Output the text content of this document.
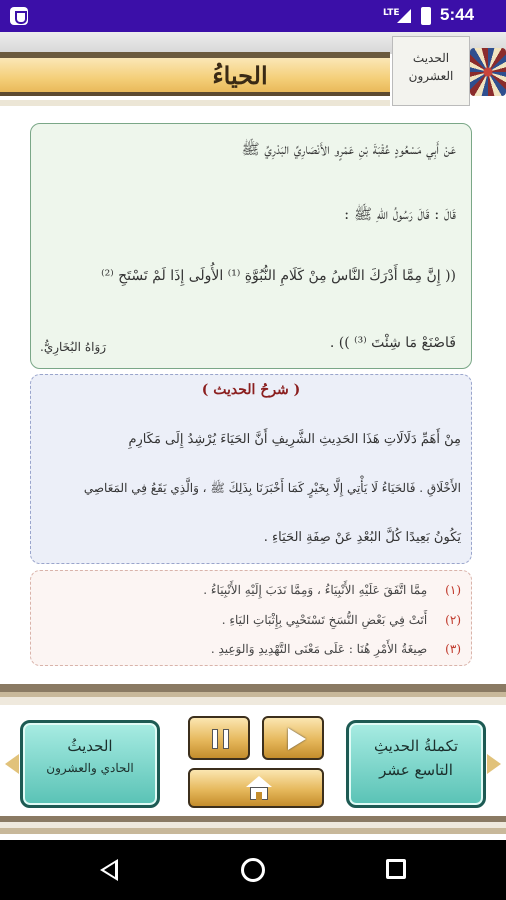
LTE 5:44
الحياءُ
الحديث
العشرون
عَنْ أَبِي مَسْعُودٍ عُقْبَةَ بْنِ عَمْرٍو الأَنْصَارِيِّ البَدْرِيِّ ﷺ
قَالَ : قَالَ رَسُولُ اللهِ ﷺ :
(( إِنَّ مِمَّا أَدْرَكَ النَّاسُ مِنْ كَلَامِ النُّبُوَّةِ ⁽¹⁾ الأُولَى إِذَا لَمْ تَسْتَحِ ⁽²⁾
فَاصْنَعْ مَا شِئْتَ ⁽³⁾ )) .
رَوَاهُ البُخَارِيُّ.
( شرحُ الحديث )
مِنْ أَهَمِّ دَلَالَاتِ هَذَا الحَدِيثِ الشَّرِيفِ أَنَّ الحَيَاءَ يُرْشِدُ إِلَى مَكَارِمِ
الأَخْلَاقِ . فَالحَيَاءُ لَا يَأْتِي إِلَّا بِخَيْرٍ كَمَا أَخْبَرَنَا بِذَلِكَ ﷺ ، وَالَّذِي يَقَعُ فِي المَعَاصِي
يَكُونُ بَعِيدًا كُلَّ البُعْدِ عَنْ صِفَةِ الحَيَاءِ .
(١)مِمَّا اتَّفَقَ عَلَيْهِ الأَنْبِيَاءُ ، وَمِمَّا نَدَبَ إِلَيْهِ الأَنْبِيَاءُ .
(٢)أَتَتْ فِي بَعْضِ النُّسَخِ تَسْتَحْيِي بِإِثْبَاتِ اليَاءِ .
(٣)صِيغَةُ الأَمْرِ هُنَا : عَلَى مَعْنَى التَّهْدِيدِ وَالوَعِيدِ .
الحديثُ
الحادي والعشرون
تكملةُ الحديثِ
التاسع عشر
